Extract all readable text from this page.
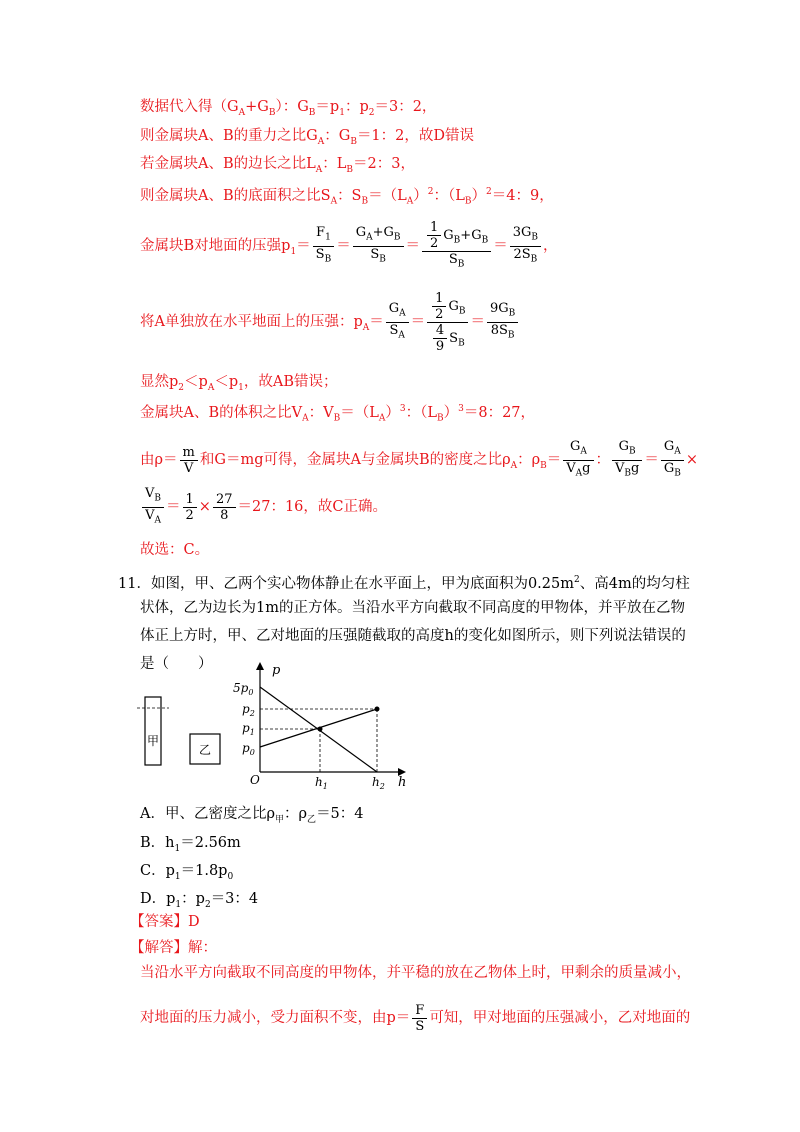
数据代入得$(G_A+G_B)$：$G_B=p_1$：$p_2=3$：2，
则金属块A、B的重力之比$G_A$：$G_B=1$：2，故D错误
若金属块A、B的边长之比$L_A$：$L_B=2$：3，
则金属块A、B的底面积之比$S_A$：$S_B=(L_A)^2$：$(L_B)^2=4$：9，
金属块B对地面的压强$p_1= \frac{F_1}{S_B} = \frac{G_A+G_B}{S_B} = \frac{\frac{1}{2} G_B+G_B}{S_B} = \frac{3G_B}{2S_B}$ ，
将A单独放在水平地面上的压强：$p_A= \frac{G_A}{S_A} = \frac{\frac{1}{2} G_B}{\frac{4}{9} S_B} = \frac{9G_B}{8S_B}$
显然$p_2<p_A<p_1$，故AB错误；
金属块A、B的体积之比$V_A$：$V_B=(L_A)^3$：$(L_B)^3=8$：27，
由$\rho= \frac{m}{V}$ 和G＝mg可得，金属块A与金属块B的密度之比$\rho_A$：$\rho_B= \frac{G_A}{V_Ag}$ ： $\frac{G_B}{V_Bg} = \frac{G_A}{G_B}$ ×
$\frac{V_B}{V_A} = \frac{1}{2} \times \frac{27}{8} =27$：16，故C正确。
故选：C。
11．如图，甲、乙两个实心物体静止在水平面上，甲为底面积为$0.25m^2$、高4m的均匀柱
状体，乙为边长为1m的正方体。当沿水平方向截取不同高度的甲物体，并平放在乙物
体正上方时，甲、乙对地面的压强随截取的高度h的变化如图所示，则下列说法错误的
是（　　）
甲
乙
p
h
O
$5p_0$
$p_2$
$p_1$
$p_0$
$h_1$	$h_2$
A．甲、乙密度之比$\rho_甲$：$\rho_乙=5$：4
B．$h_1=2.56m$
C．$p_1=1.8p_0$
D．$p_1$：$p_2=3$：4
【答案】D
【解答】解：
当沿水平方向截取不同高度的甲物体，并平稳的放在乙物体上时，甲剩余的质量减小，
对地面的压力减小，受力面积不变，由$p= \frac{F}{S}$ 可知，甲对地面的压强减小，乙对地面的
